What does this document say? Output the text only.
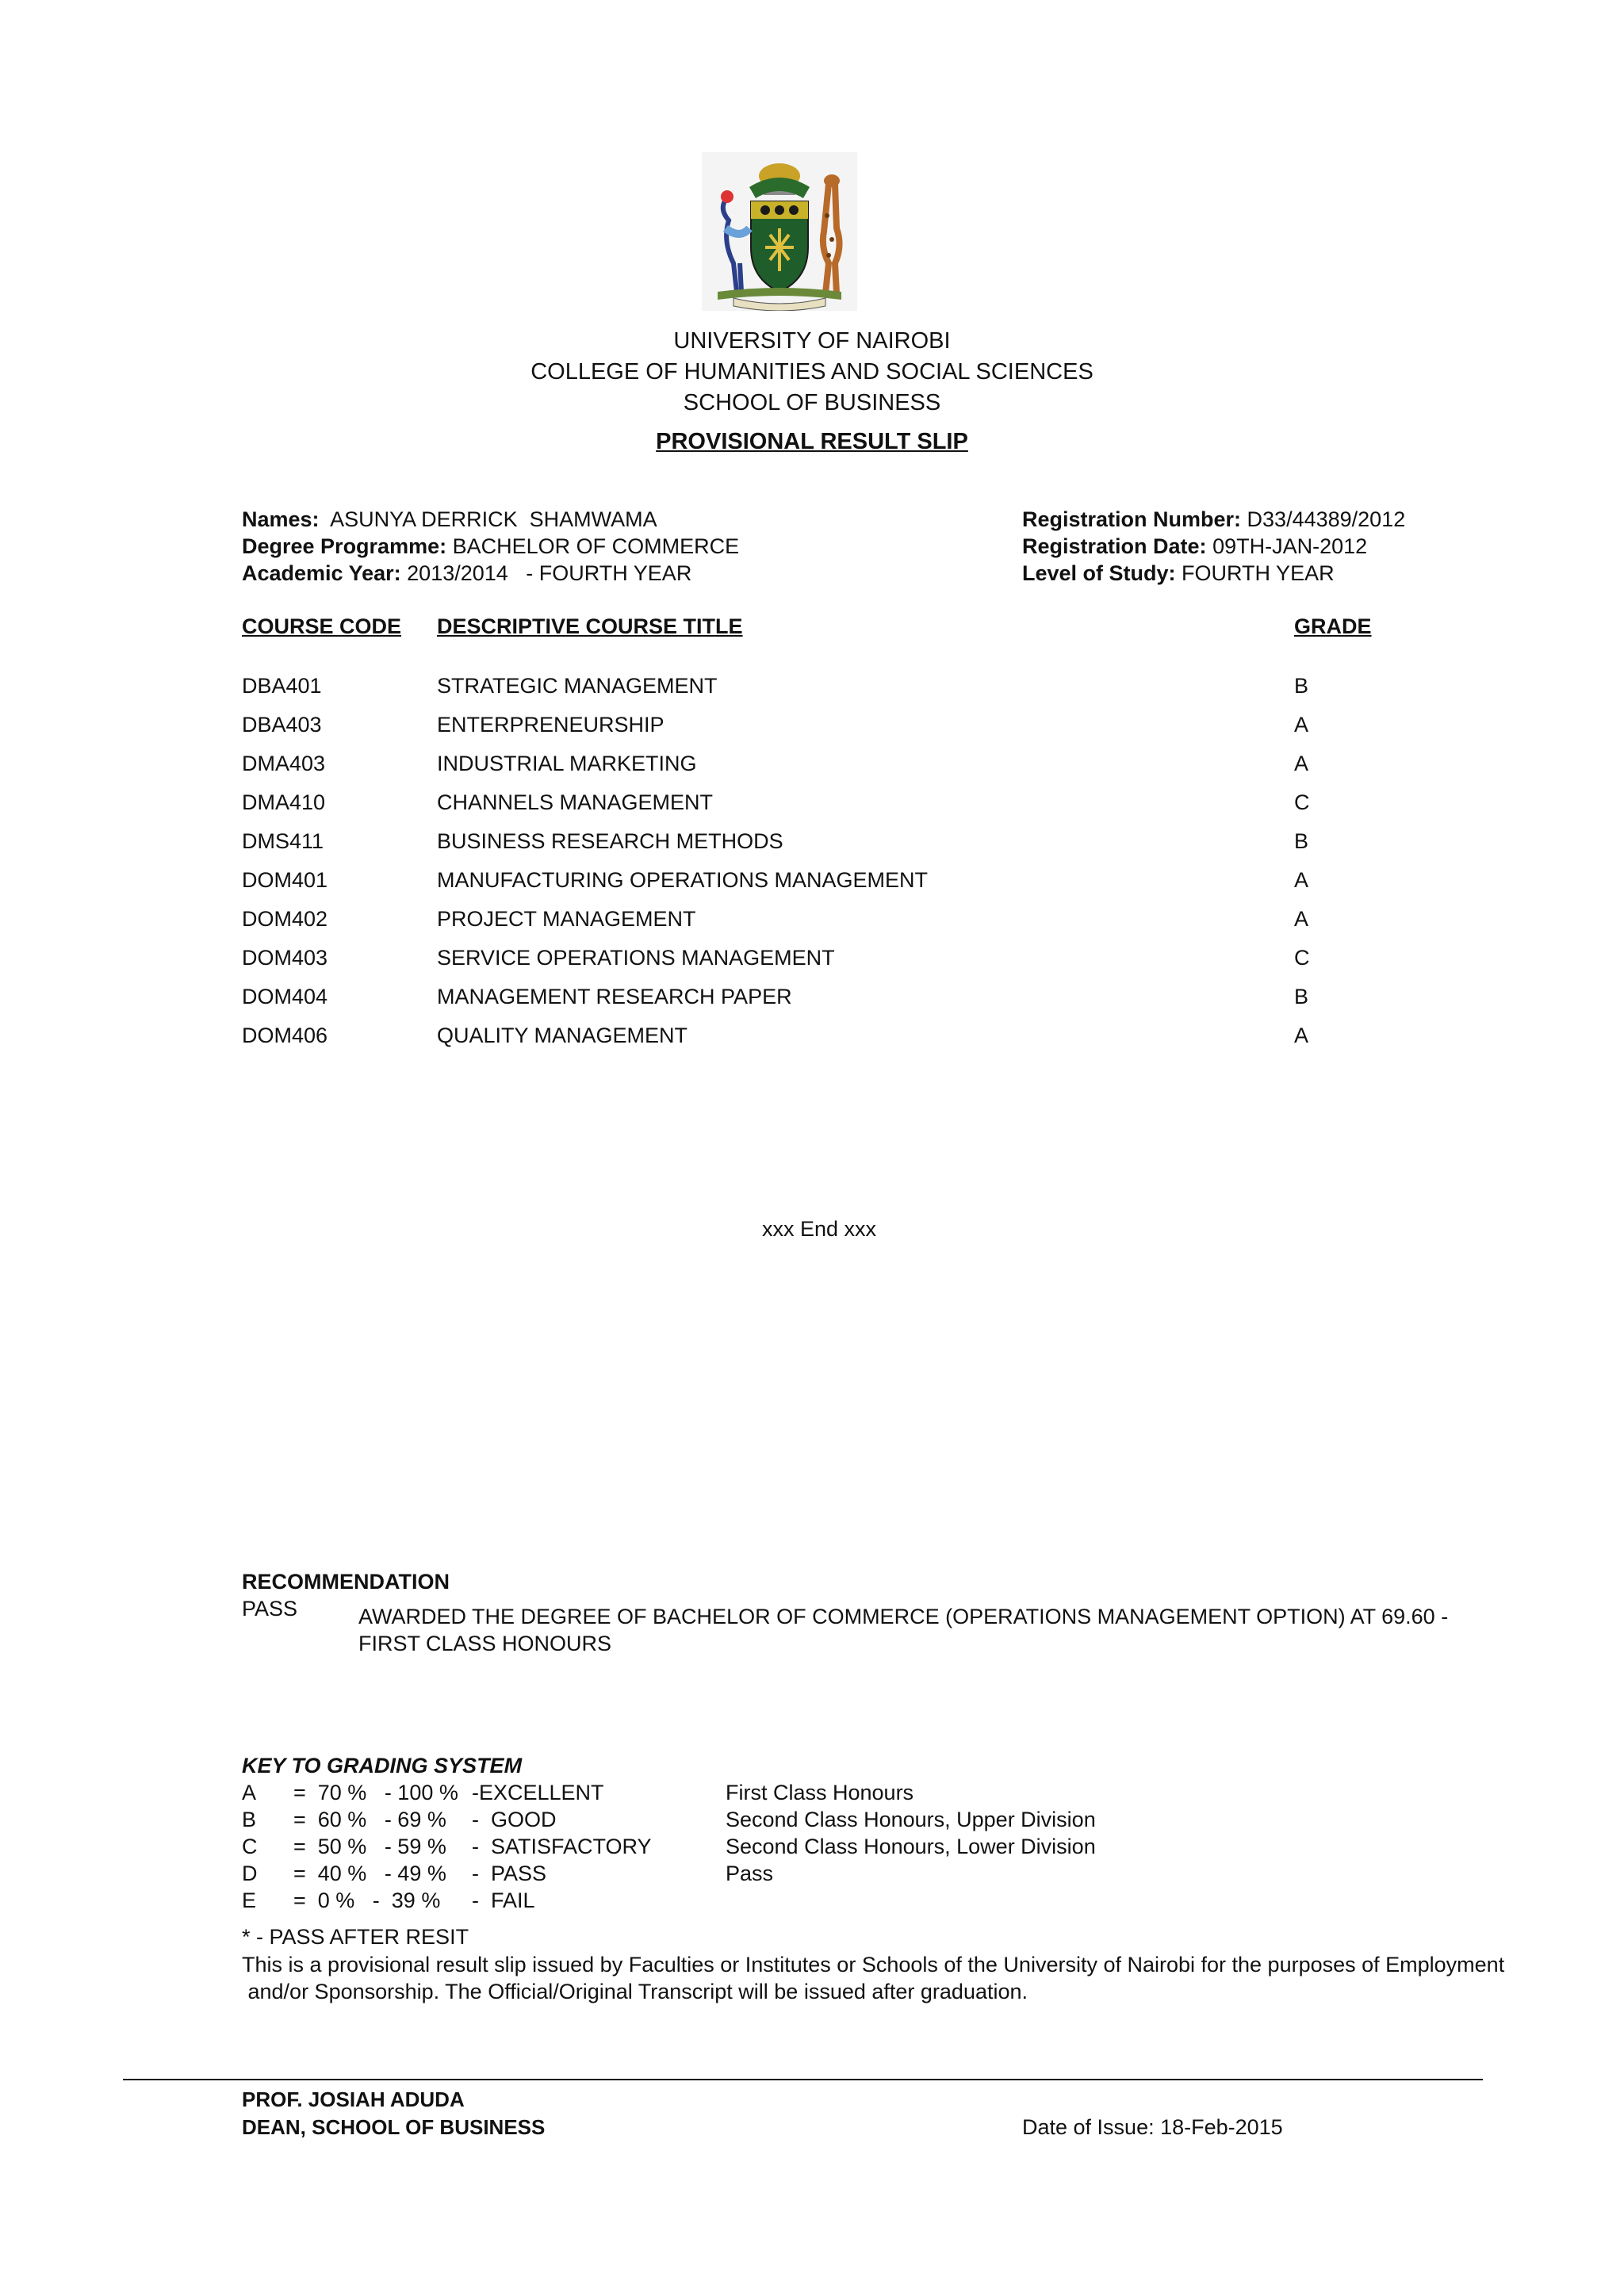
UNIVERSITY OF NAIROBI
COLLEGE OF HUMANITIES AND SOCIAL SCIENCES
SCHOOL OF BUSINESS
PROVISIONAL RESULT SLIP
Names: ASUNYA DERRICK  SHAMWAMA
Degree Programme: BACHELOR OF COMMERCE
Academic Year: 2013/2014   - FOURTH YEAR
Registration Number: D33/44389/2012
Registration Date: 09TH-JAN-2012
Level of Study: FOURTH YEAR
COURSE CODE DESCRIPTIVE COURSE TITLE	GRADE
DBA401	STRATEGIC MANAGEMENT	B
DBA403	ENTERPRENEURSHIP	A
DMA403	INDUSTRIAL MARKETING	A
DMA410	CHANNELS MANAGEMENT	C
DMS411	BUSINESS RESEARCH METHODS	B
DOM401	MANUFACTURING OPERATIONS MANAGEMENT	A
DOM402	PROJECT MANAGEMENT	A
DOM403	SERVICE OPERATIONS MANAGEMENT	C
DOM404	MANAGEMENT RESEARCH PAPER	B
DOM406	QUALITY MANAGEMENT	A
xxx End xxx
RECOMMENDATION
PASS	AWARDED THE DEGREE OF BACHELOR OF COMMERCE (OPERATIONS MANAGEMENT OPTION) AT 69.60 -
FIRST CLASS HONOURS
KEY TO GRADING SYSTEM
A =  70 %   - 100 % -EXCELLENT	First Class Honours
B =  60 %   - 69 % -  GOOD	Second Class Honours, Upper Division
C =  50 %   - 59 % -  SATISFACTORY	Second Class Honours, Lower Division
D =  40 %   - 49 % -  PASS	Pass
E =  0 %   -  39 % -  FAIL
* - PASS AFTER RESIT
This is a provisional result slip issued by Faculties or Institutes or Schools of the University of Nairobi for the purposes of Employment
and/or Sponsorship. The Official/Original Transcript will be issued after graduation.
PROF. JOSIAH ADUDA
DEAN, SCHOOL OF BUSINESS	Date of Issue: 18-Feb-2015
